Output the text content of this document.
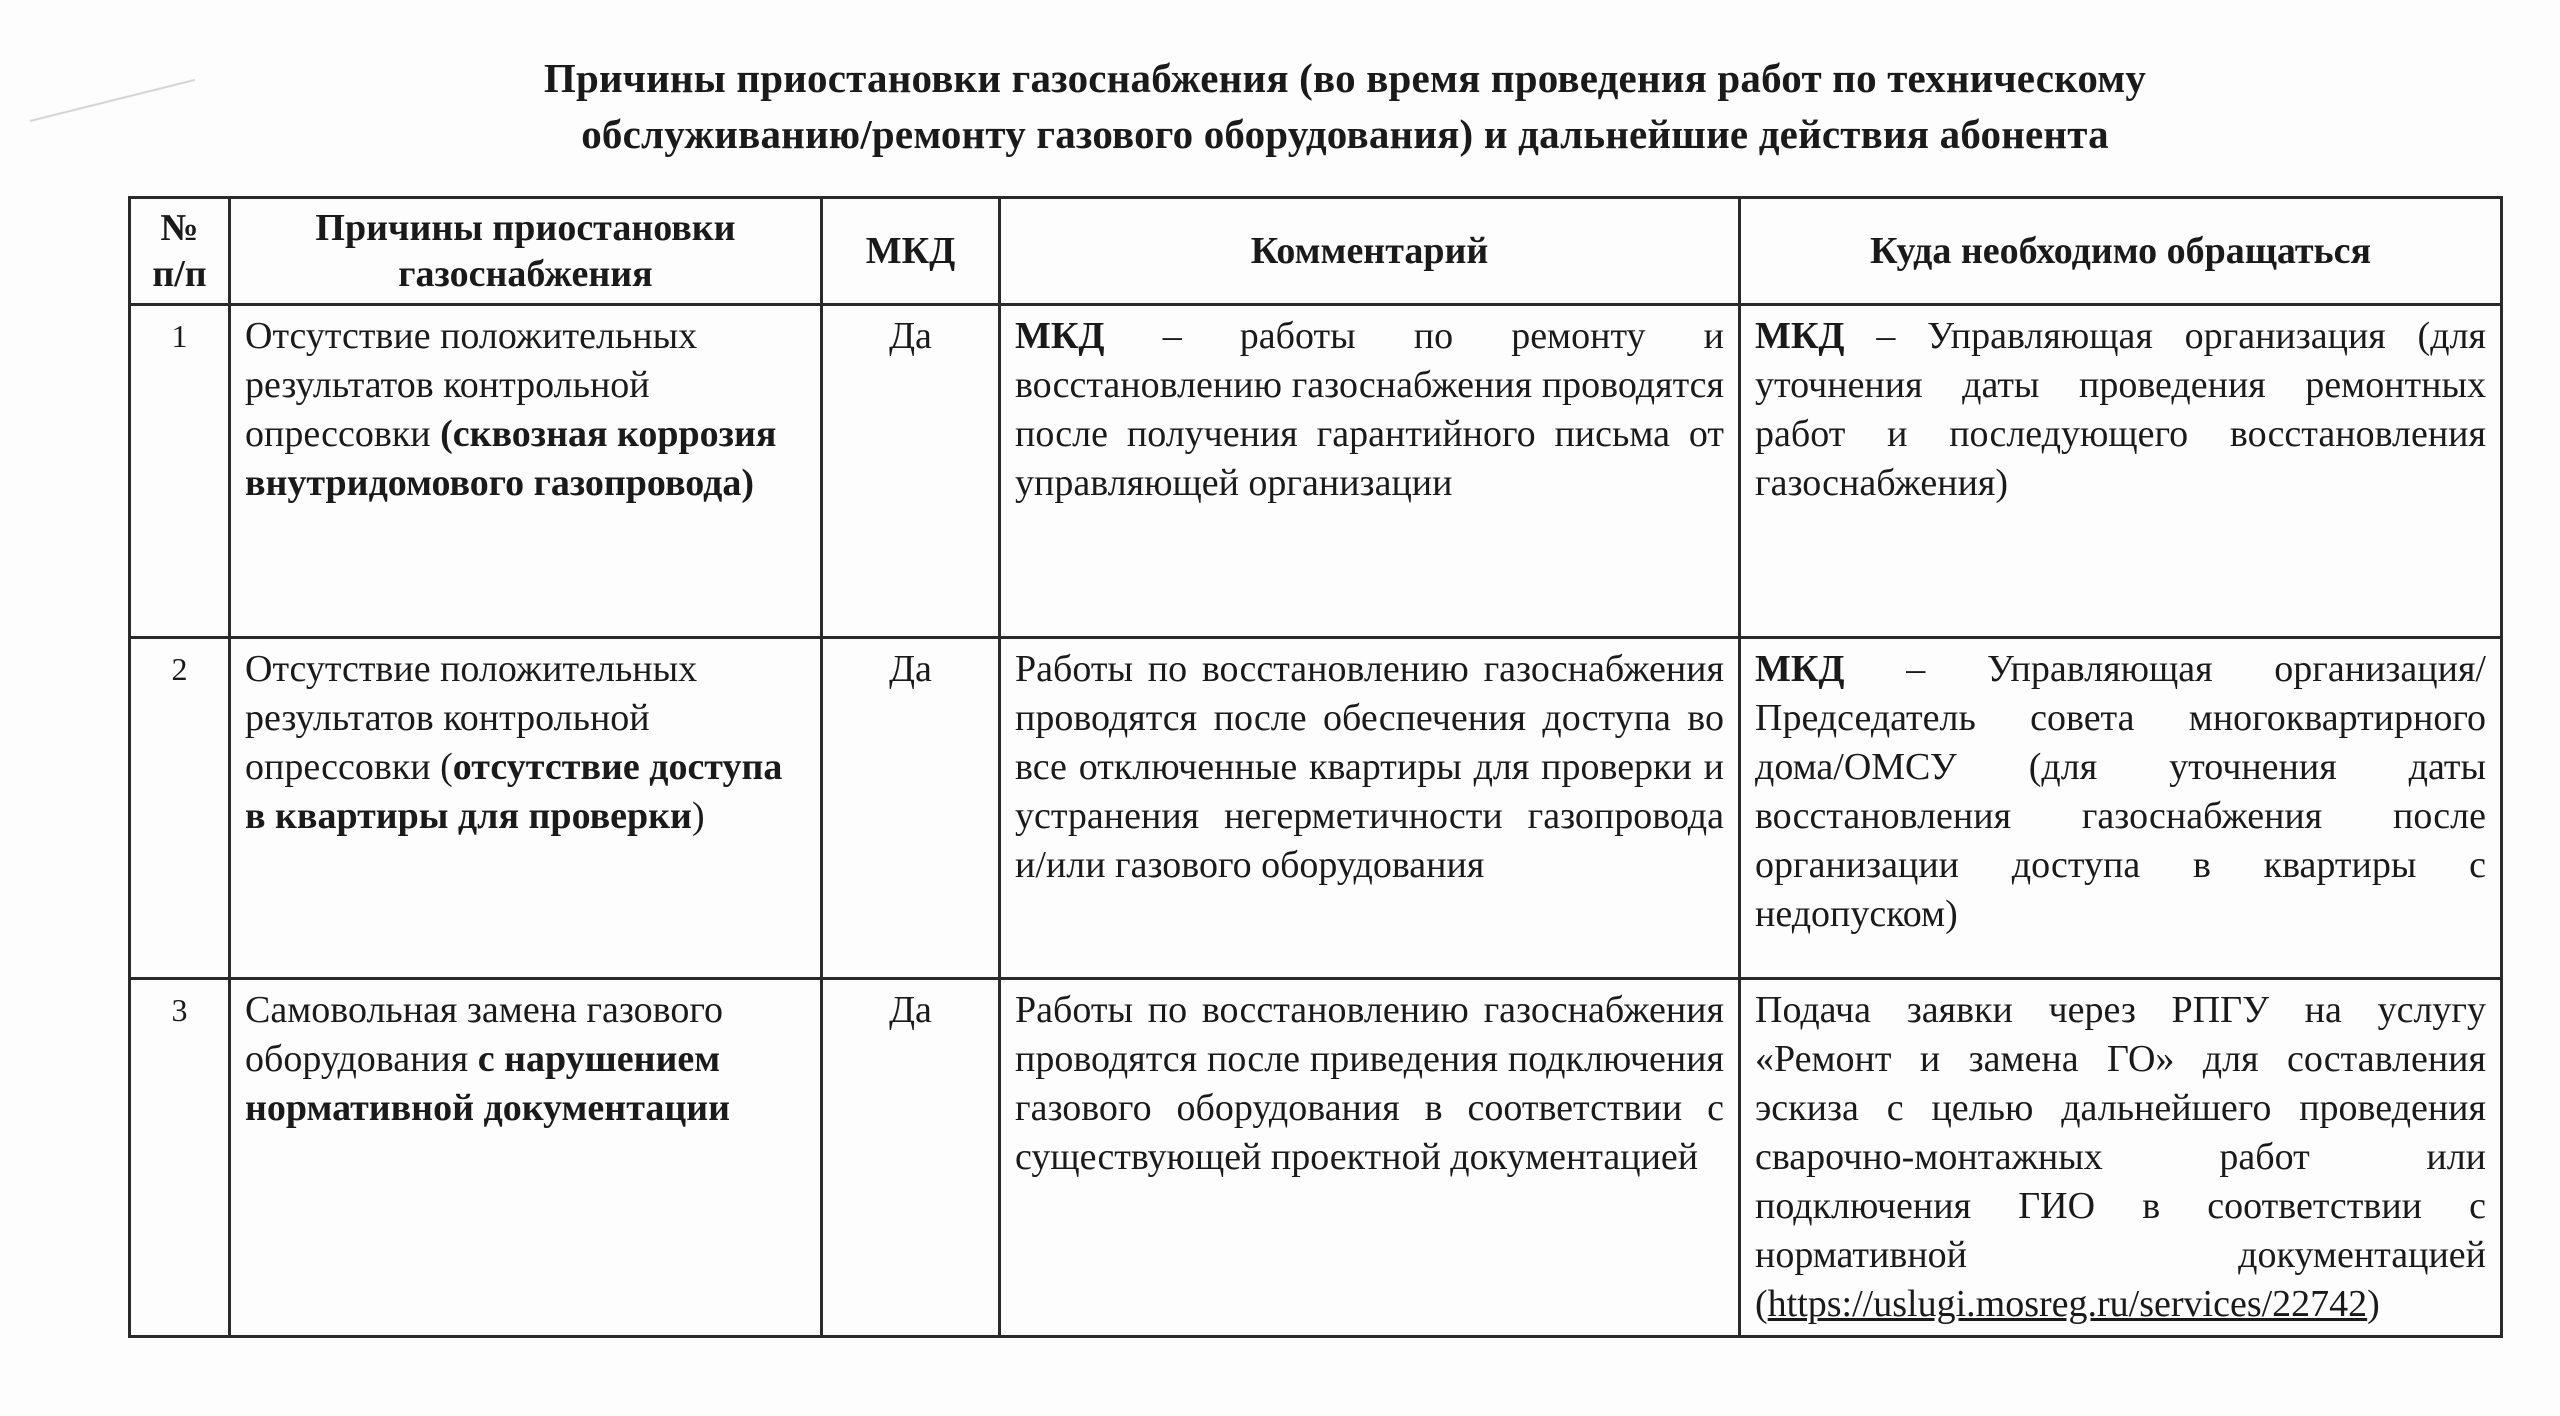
Причины приостановки газоснабжения (во время проведения работ по техническому
обслуживанию/ремонту газового оборудования) и дальнейшие действия абонента
№ п/п	Причины приостановки газоснабжения	МКД	Комментарий	Куда необходимо обращаться
1	Отсутствие положительных результатов контрольной опрессовки (сквозная коррозия внутридомового газопровода)	Да	МКД – работы по ремонту и восстановлению газоснабжения проводятся после получения гарантийного письма от управляющей организации	МКД – Управляющая организация (для уточнения даты проведения ремонтных работ и последующего восстановления газоснабжения)
2	Отсутствие положительных результатов контрольной опрессовки (отсутствие доступа в квартиры для проверки)	Да	Работы по восстановлению газоснабжения проводятся после обеспечения доступа во все отключенные квартиры для проверки и устранения негерметичности газопровода и/или газового оборудования	МКД – Управляющая организация/Председатель совета многоквартирного дома/ОМСУ (для уточнения даты восстановления газоснабжения после организации доступа в квартиры с недопуском)
3	Самовольная замена газового оборудования с нарушением нормативной документации	Да	Работы по восстановлению газоснабжения проводятся после приведения подключения газового оборудования в соответствии с существующей проектной документацией	Подача заявки через РПГУ на услугу «Ремонт и замена ГО» для составления эскиза с целью дальнейшего проведения сварочно-монтажных работ или подключения ГИО в соответствии с нормативной документацией (https://uslugi.mosreg.ru/services/22742)
